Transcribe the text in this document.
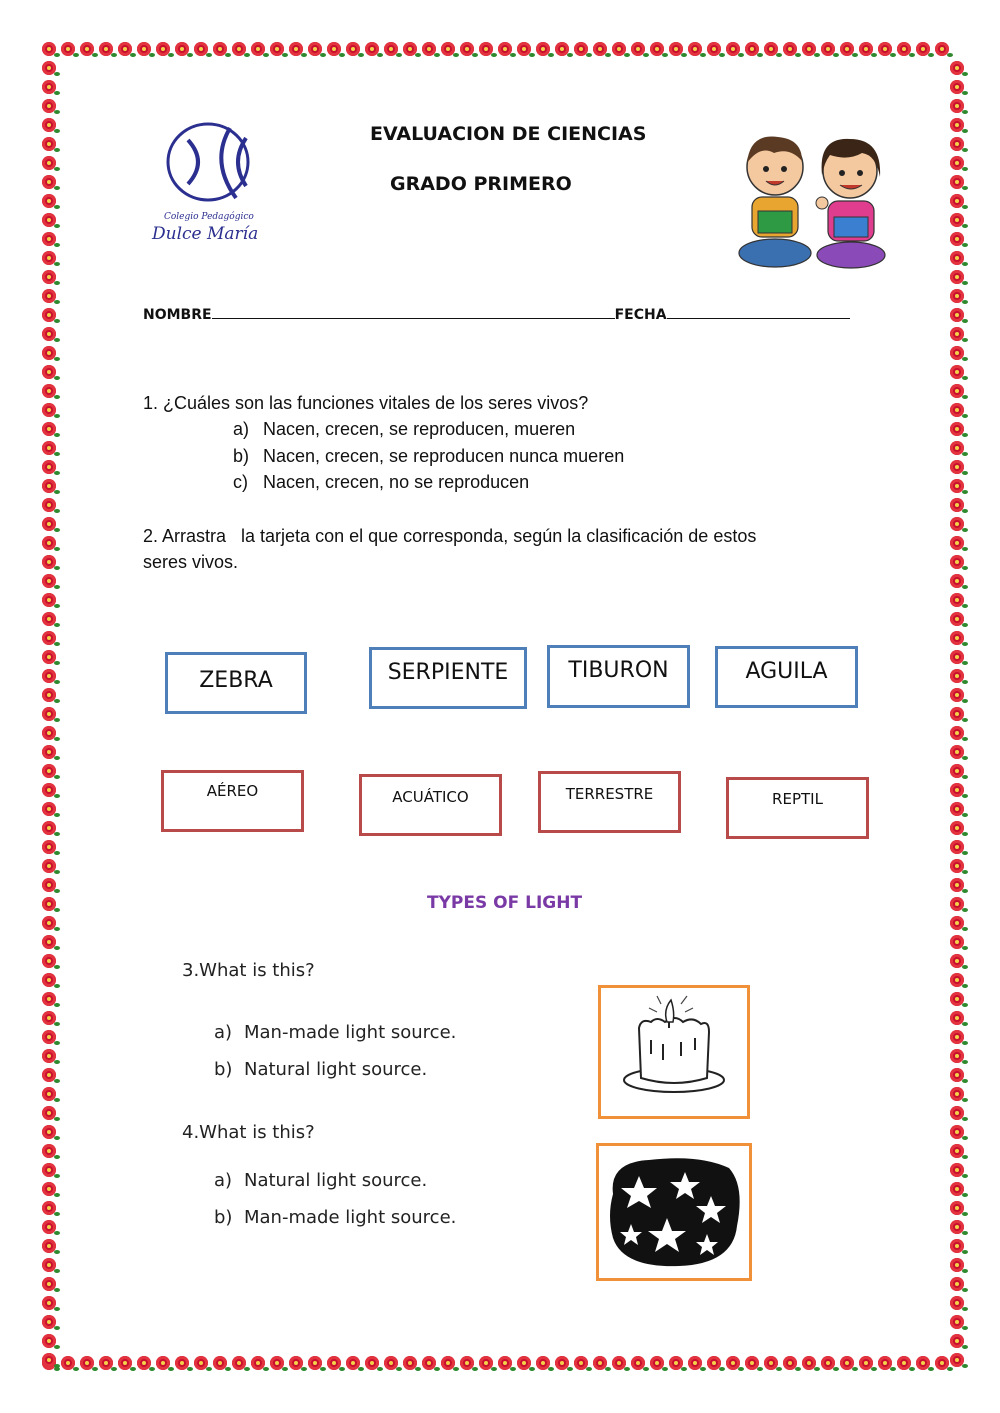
Colegio Pedagógico
Dulce María
EVALUACION DE CIENCIAS
GRADO PRIMERO
NOMBRE	FECHA
1. ¿Cuáles son las funciones vitales de los seres vivos?
a) Nacen, crecen, se reproducen, mueren
b) Nacen, crecen, se reproducen nunca mueren
c) Nacen, crecen, no se reproducen
2. Arrastra   la tarjeta con el que corresponda, según la clasificación de estos
seres vivos.
ZEBRA	SERPIENTE	TIBURON	AGUILA
AÉREO	ACUÁTICO	TERRESTRE	REPTIL
TYPES OF LIGHT
3.What is this?
a) Man-made light source.
b) Natural light source.
4.What is this?
a) Natural light source.
b) Man-made light source.
